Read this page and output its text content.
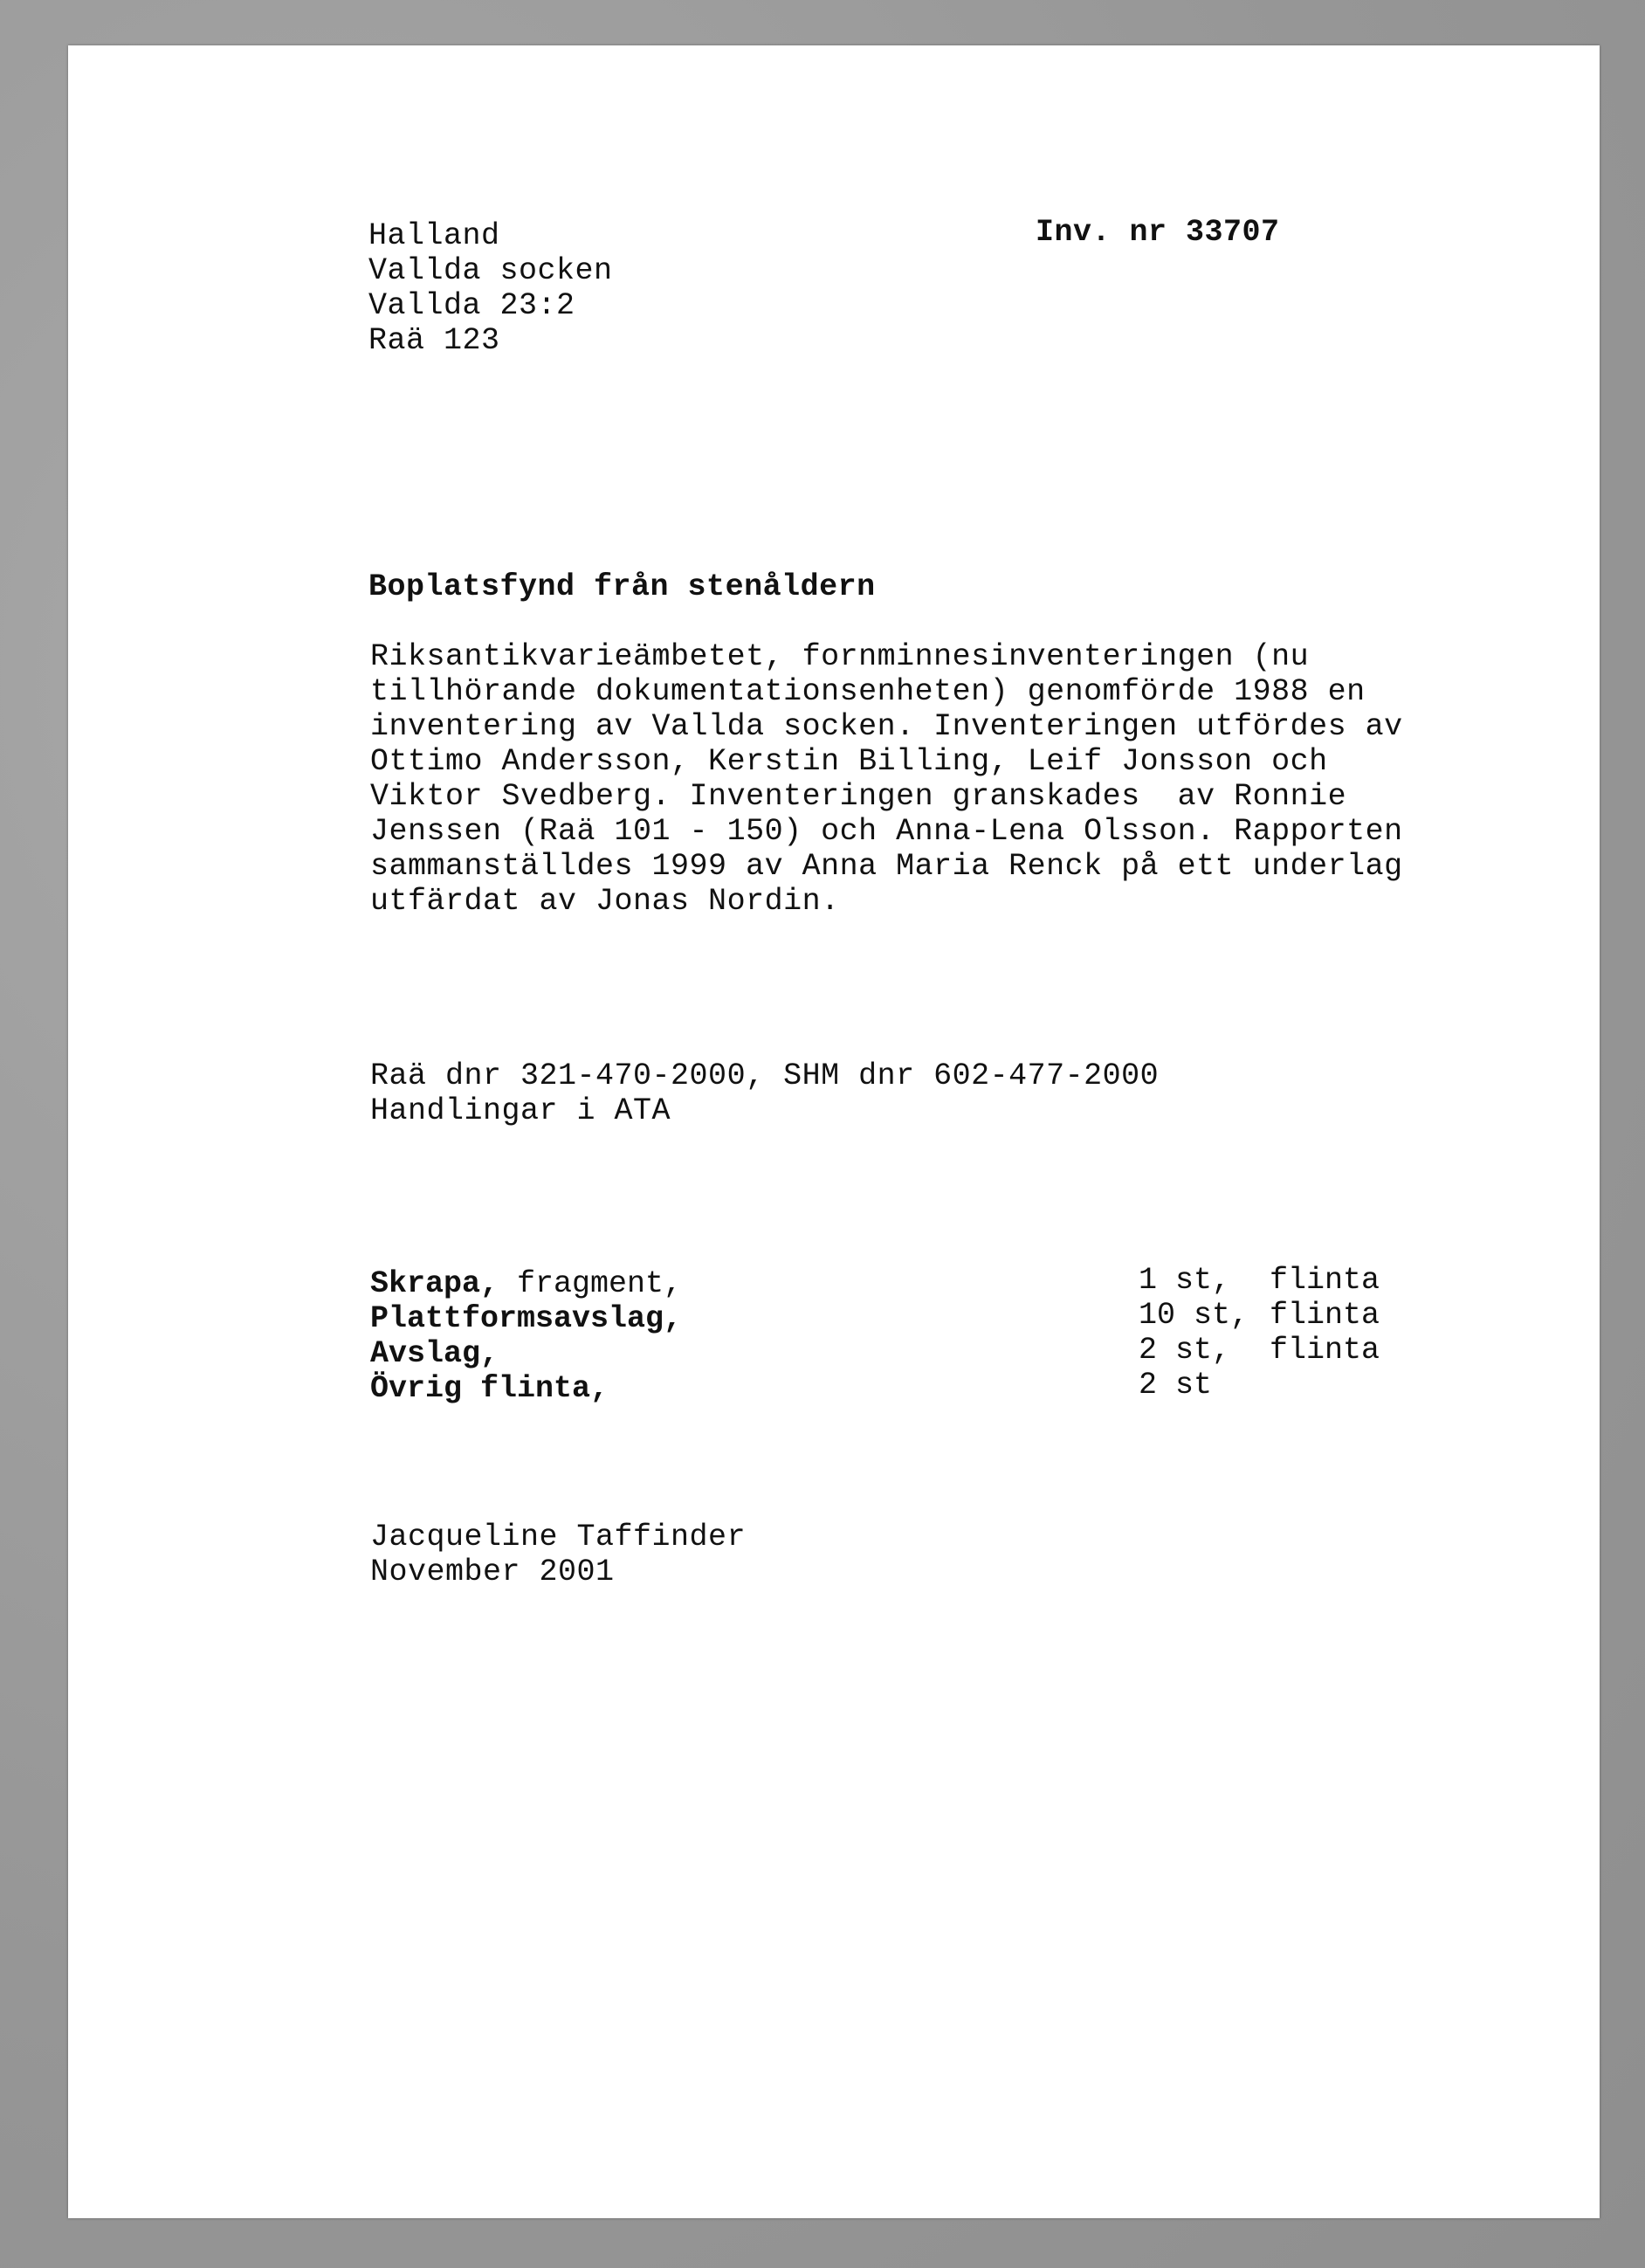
Halland
Vallda socken
Vallda 23:2
Raä 123
Inv. nr 33707
Boplatsfynd från stenåldern
Riksantikvarieämbetet, fornminnesinventeringen (nu
tillhörande dokumentationsenheten) genomförde 1988 en
inventering av Vallda socken. Inventeringen utfördes av
Ottimo Andersson, Kerstin Billing, Leif Jonsson och
Viktor Svedberg. Inventeringen granskades  av Ronnie
Jenssen (Raä 101 - 150) och Anna-Lena Olsson. Rapporten
sammanställdes 1999 av Anna Maria Renck på ett underlag
utfärdat av Jonas Nordin.
Raä dnr 321-470-2000, SHM dnr 602-477-2000
Handlingar i ATA
Skrapa, fragment,	1 st, flinta
Plattformsavslag,	10 st, flinta
Avslag,	2 st, flinta
Övrig flinta,	2 st
Jacqueline Taffinder
November 2001
